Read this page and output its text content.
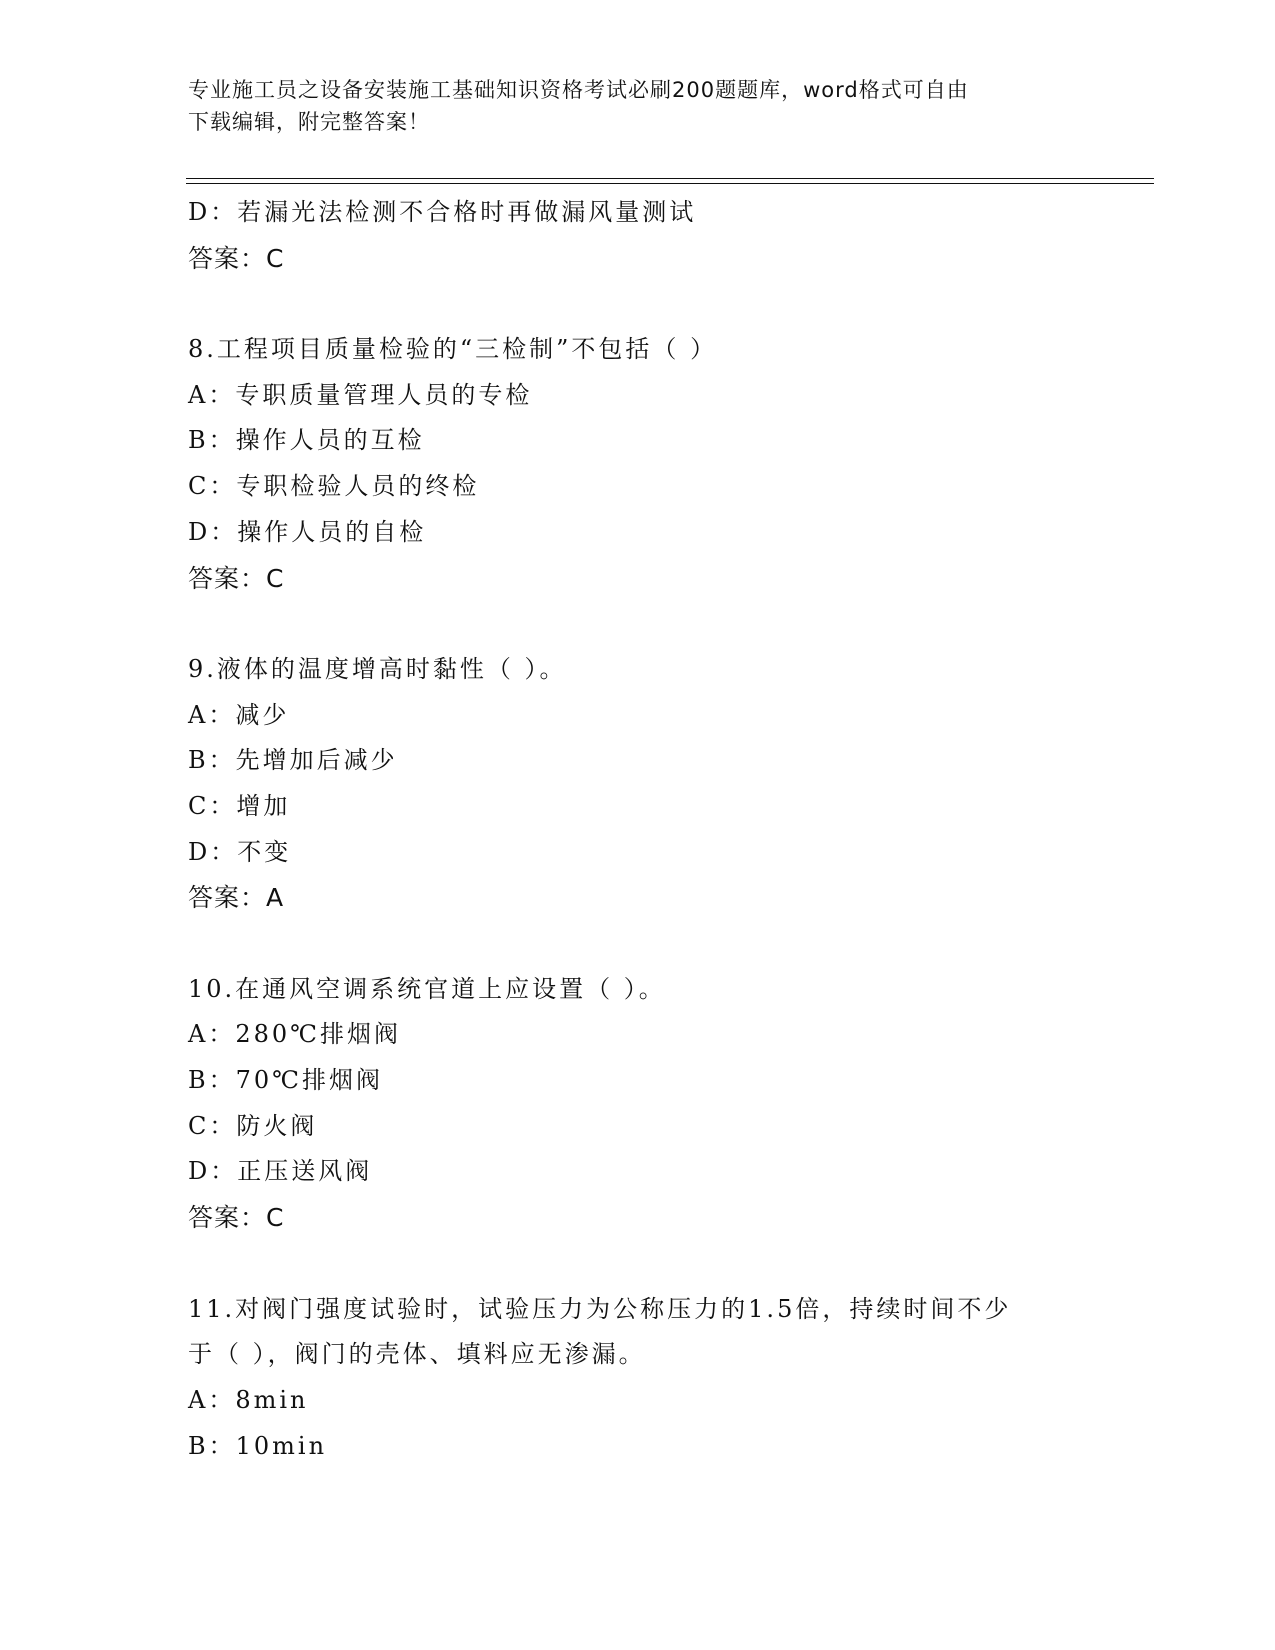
专业施工员之设备安装施工基础知识资格考试必刷200题题库，word格式可自由
下载编辑，附完整答案！
D：若漏光法检测不合格时再做漏风量测试
答案：C
8.工程项目质量检验的“三检制”不包括（ ）
A：专职质量管理人员的专检
B：操作人员的互检
C：专职检验人员的终检
D：操作人员的自检
答案：C
9.液体的温度增高时黏性（ ）。
A：减少
B：先增加后减少
C：增加
D：不变
答案：A
10.在通风空调系统官道上应设置（ ）。
A：280℃排烟阀
B：70℃排烟阀
C：防火阀
D：正压送风阀
答案：C
11.对阀门强度试验时，试验压力为公称压力的1.5倍，持续时间不少
于（ ），阀门的壳体、填料应无渗漏。
A：8min
B：10min
